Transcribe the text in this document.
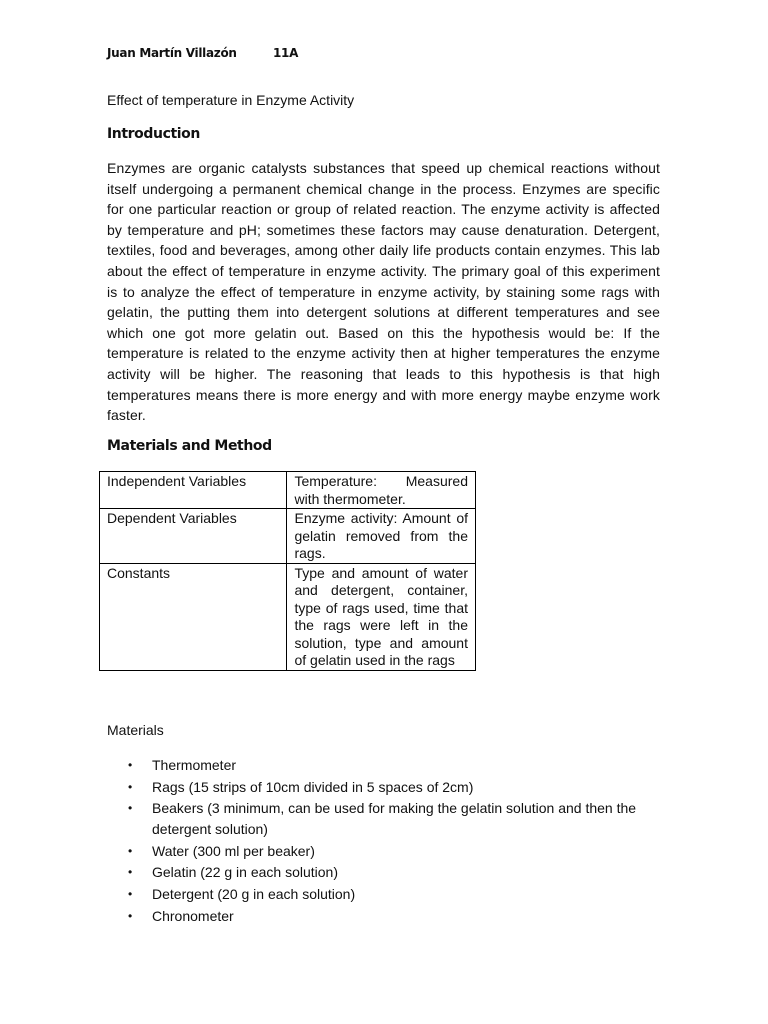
Juan Martín Villazón	11A
Effect of temperature in Enzyme Activity
Introduction
Enzymes are organic catalysts substances that speed up chemical reactions without itself undergoing a permanent chemical change in the process. Enzymes are specific for one particular reaction or group of related reaction. The enzyme activity is affected by temperature and pH; sometimes these factors may cause denaturation. Detergent, textiles, food and beverages, among other daily life products contain enzymes. This lab about the effect of temperature in enzyme activity. The primary goal of this experiment is to analyze the effect of temperature in enzyme activity, by staining some rags with gelatin, the putting them into detergent solutions at different temperatures and see which one got more gelatin out. Based on this the hypothesis would be: If the temperature is related to the enzyme activity then at higher temperatures the enzyme activity will be higher. The reasoning that leads to this hypothesis is that high temperatures means there is more energy and with more energy maybe enzyme work faster.
Materials and Method
Independent Variables	Temperature: Measured with thermometer.
Dependent Variables	Enzyme activity: Amount of gelatin removed from the rags.
Constants	Type and amount of water and detergent, container, type of rags used, time that the rags were left in the solution, type and amount of gelatin used in the rags
Materials
• Thermometer
• Rags (15 strips of 10cm divided in 5 spaces of 2cm)
• Beakers (3 minimum, can be used for making the gelatin solution and then the detergent solution)
• Water (300 ml per beaker)
• Gelatin (22 g in each solution)
• Detergent (20 g in each solution)
• Chronometer
